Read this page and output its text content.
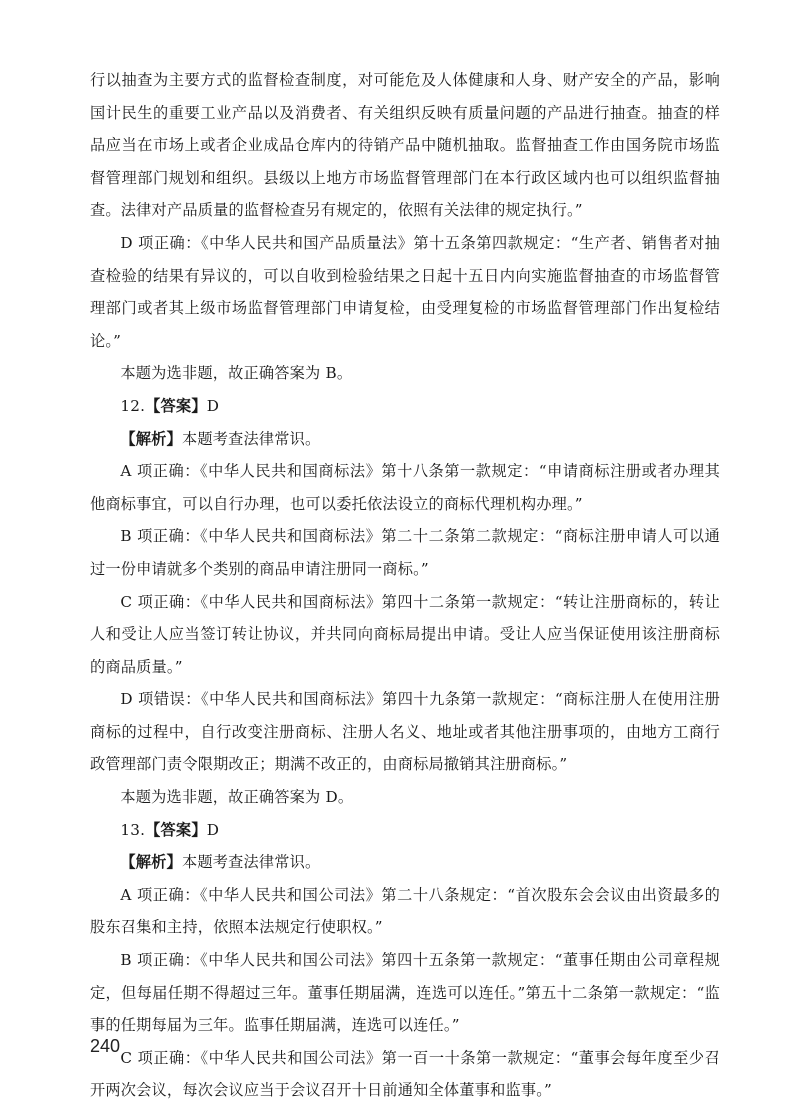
行以抽查为主要方式的监督检查制度，对可能危及人体健康和人身、财产安全的产品，影响国计民生的重要工业产品以及消费者、有关组织反映有质量问题的产品进行抽查。抽查的样品应当在市场上或者企业成品仓库内的待销产品中随机抽取。监督抽查工作由国务院市场监督管理部门规划和组织。县级以上地方市场监督管理部门在本行政区域内也可以组织监督抽查。法律对产品质量的监督检查另有规定的，依照有关法律的规定执行。”

D 项正确：《中华人民共和国产品质量法》第十五条第四款规定：“生产者、销售者对抽查检验的结果有异议的，可以自收到检验结果之日起十五日内向实施监督抽查的市场监督管理部门或者其上级市场监督管理部门申请复检，由受理复检的市场监督管理部门作出复检结论。”

本题为选非题，故正确答案为 B。

12.【答案】D

【解析】本题考查法律常识。

A 项正确：《中华人民共和国商标法》第十八条第一款规定：“申请商标注册或者办理其他商标事宜，可以自行办理，也可以委托依法设立的商标代理机构办理。”

B 项正确：《中华人民共和国商标法》第二十二条第二款规定：“商标注册申请人可以通过一份申请就多个类别的商品申请注册同一商标。”

C 项正确：《中华人民共和国商标法》第四十二条第一款规定：“转让注册商标的，转让人和受让人应当签订转让协议，并共同向商标局提出申请。受让人应当保证使用该注册商标的商品质量。”

D 项错误：《中华人民共和国商标法》第四十九条第一款规定：“商标注册人在使用注册商标的过程中，自行改变注册商标、注册人名义、地址或者其他注册事项的，由地方工商行政管理部门责令限期改正；期满不改正的，由商标局撤销其注册商标。”

本题为选非题，故正确答案为 D。

13.【答案】D

【解析】本题考查法律常识。

A 项正确：《中华人民共和国公司法》第二十八条规定：“首次股东会会议由出资最多的股东召集和主持，依照本法规定行使职权。”

B 项正确：《中华人民共和国公司法》第四十五条第一款规定：“董事任期由公司章程规定，但每届任期不得超过三年。董事任期届满，连选可以连任。”第五十二条第一款规定：“监事的任期每届为三年。监事任期届满，连选可以连任。”

C 项正确：《中华人民共和国公司法》第一百一十条第一款规定：“董事会每年度至少召开两次会议，每次会议应当于会议召开十日前通知全体董事和监事。”

240
